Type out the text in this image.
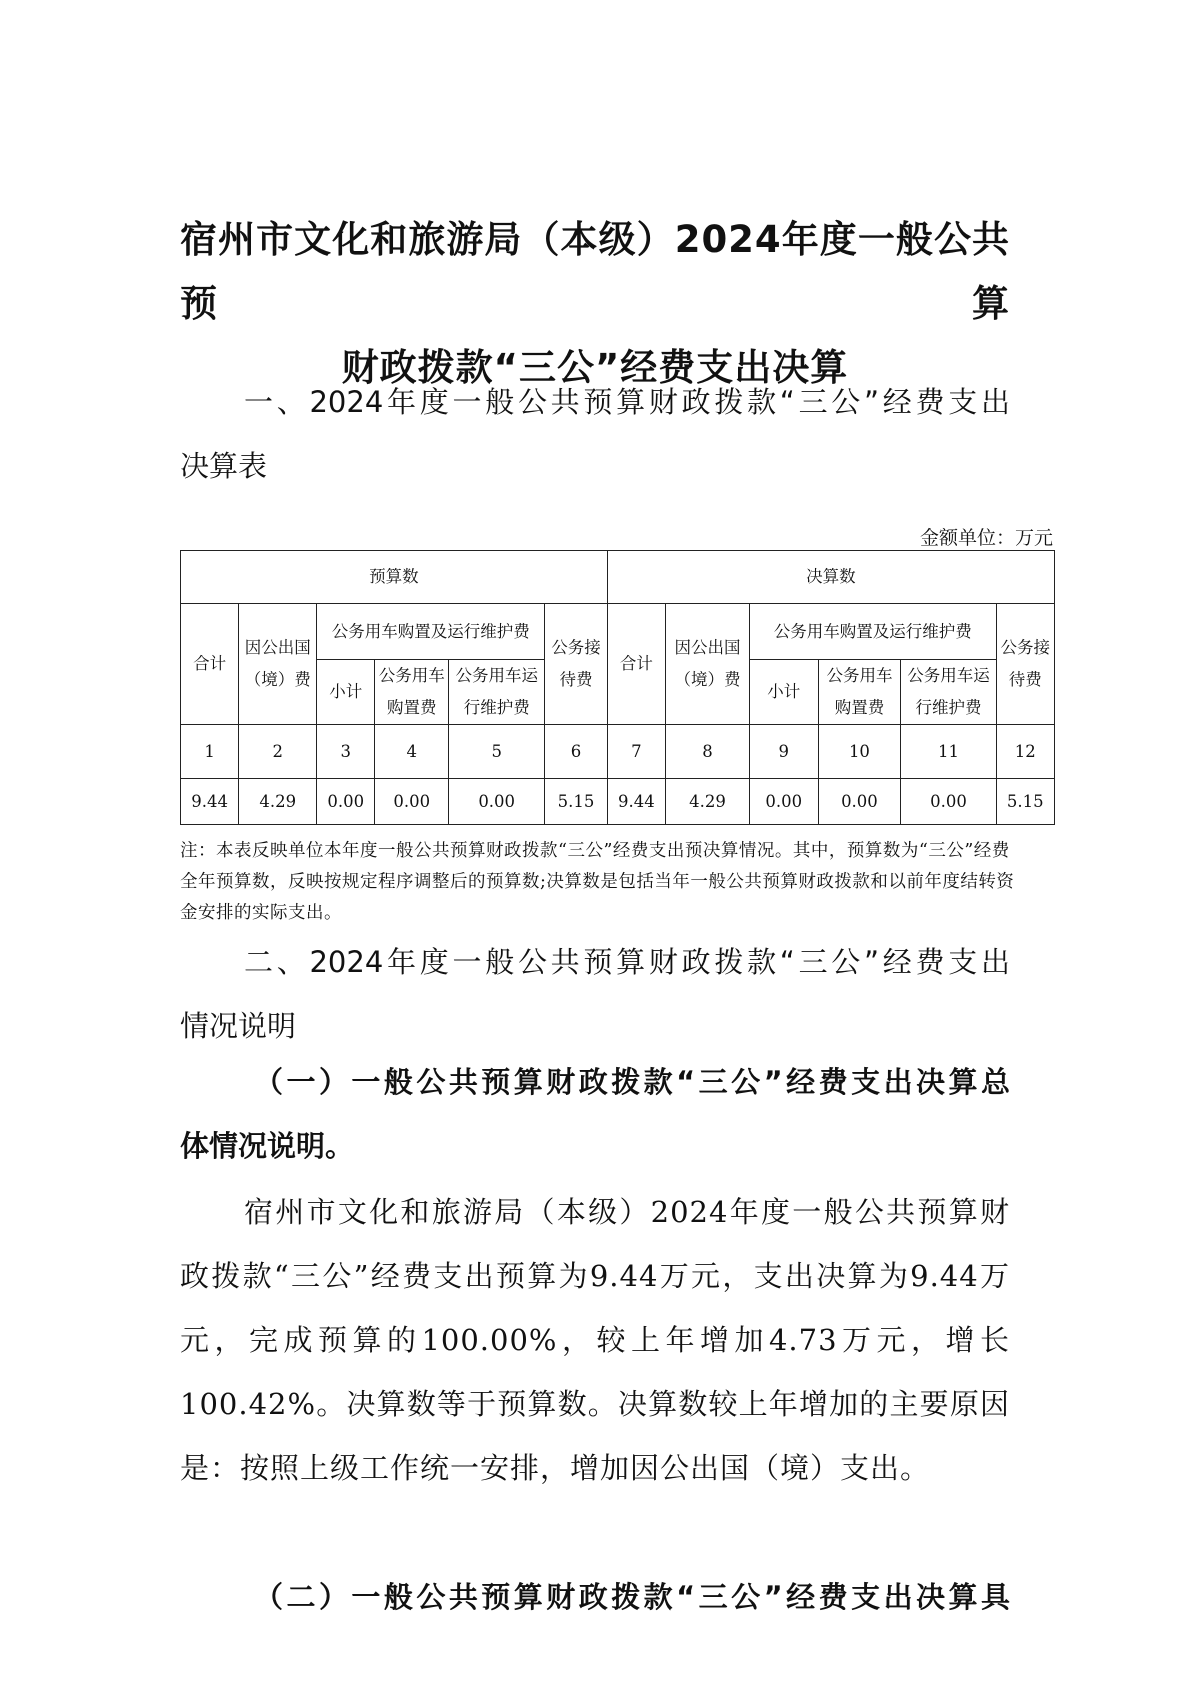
宿州市文化和旅游局（本级）2024年度一般公共预算
财政拨款“三公”经费支出决算
一、2024年度一般公共预算财政拨款“三公”经费支出
决算表
金额单位：万元
预算数						决算数					
合计	因公出国（境）费	公务用车购置及运行维护费			公务接待费	合计	因公出国（境）费	公务用车购置及运行维护费			公务接待费
		小计	公务用车购置费	公务用车运行维护费				小计	公务用车购置费	公务用车运行维护费	
1	2	3	4	5	6	7	8	9	10	11	12
9.44	4.29	0.00	0.00	0.00	5.15	9.44	4.29	0.00	0.00	0.00	5.15
注：本表反映单位本年度一般公共预算财政拨款“三公”经费支出预决算情况。其中，预算数为“三公”经费全年预算数，反映按规定程序调整后的预算数;决算数是包括当年一般公共预算财政拨款和以前年度结转资金安排的实际支出。
二、2024年度一般公共预算财政拨款“三公”经费支出
情况说明
（一）一般公共预算财政拨款“三公”经费支出决算总
体情况说明。

宿州市文化和旅游局（本级）2024年度一般公共预算财政拨款“三公”经费支出预算为9.44万元，支出决算为9.44万元，完成预算的100.00%，较上年增加4.73万元，增长100.42%。决算数等于预算数。决算数较上年增加的主要原因是：按照上级工作统一安排，增加因公出国（境）支出。

（二）一般公共预算财政拨款“三公”经费支出决算具
